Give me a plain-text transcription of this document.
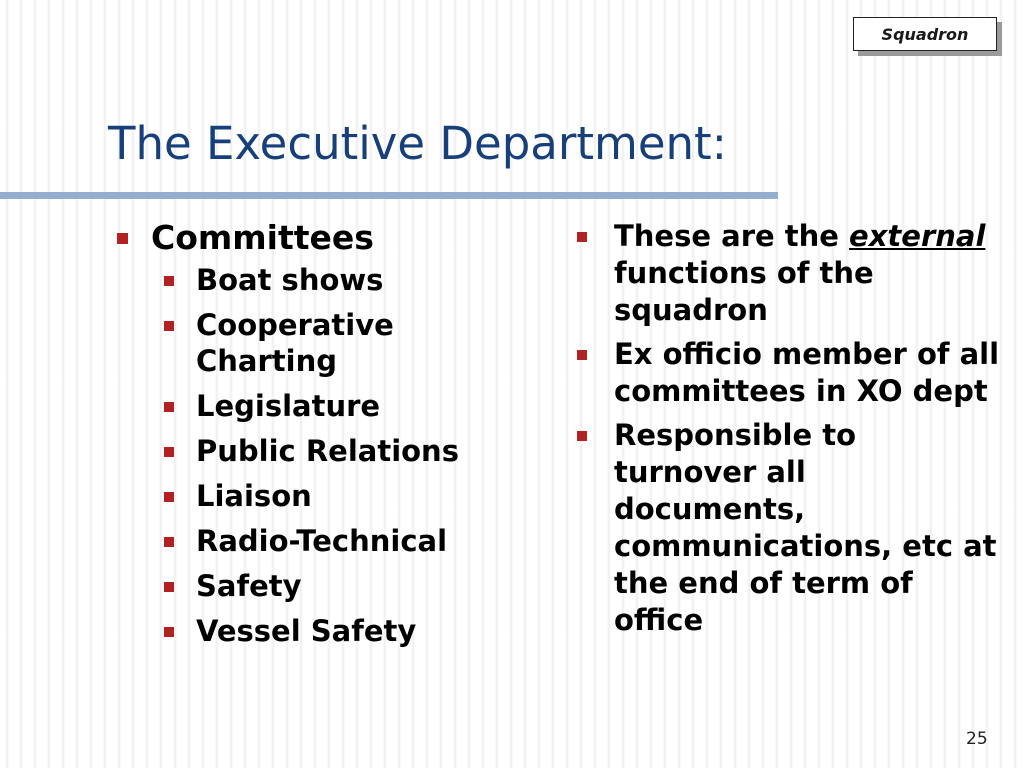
Squadron
The Executive Department:
Committees
Boat shows
Cooperative Charting
Legislature
Public Relations
Liaison
Radio-Technical
Safety
Vessel Safety
These are the external functions of the squadron
Ex officio member of all committees in XO dept
Responsible to turnover all documents, communications, etc at the end of term of office
25
